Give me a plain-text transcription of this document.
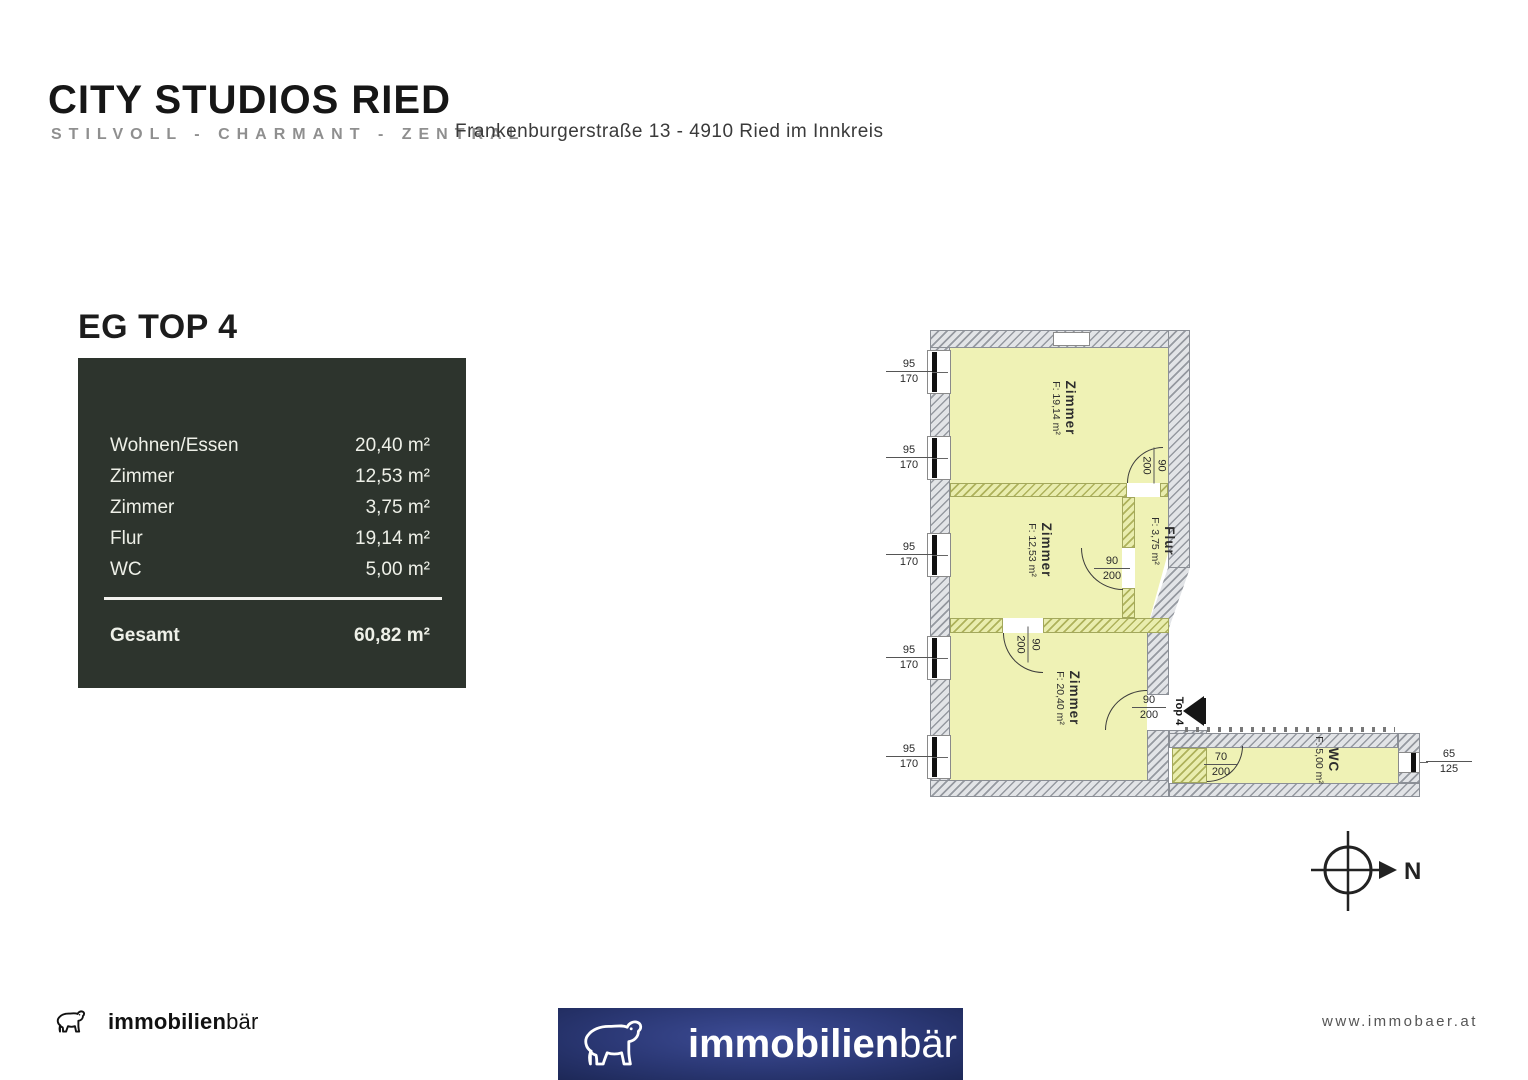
CITY STUDIOS RIED
STILVOLL - CHARMANT - ZENTRAL
Frankenburgerstraße 13 - 4910 Ried im Innkreis
EG TOP 4
Wohnen/Essen	20,40 m²
Zimmer	12,53 m²
Zimmer	3,75 m²
Flur	19,14 m²
WC	5,00 m²
Gesamt	60,82 m²
95
170
95
170
95
170
95
170
95
170
65
125
90
200
90
200
90
200
90
200
70
200
Top 4
Zimmer
F: 19,14 m²
Zimmer
F: 12,53 m²	Flur
F: 3,75 m²
Zimmer
F: 20,40 m²
WC
F: 5,00 m²
N
immobilienbär	immobilienbär	www.immobaer.at
